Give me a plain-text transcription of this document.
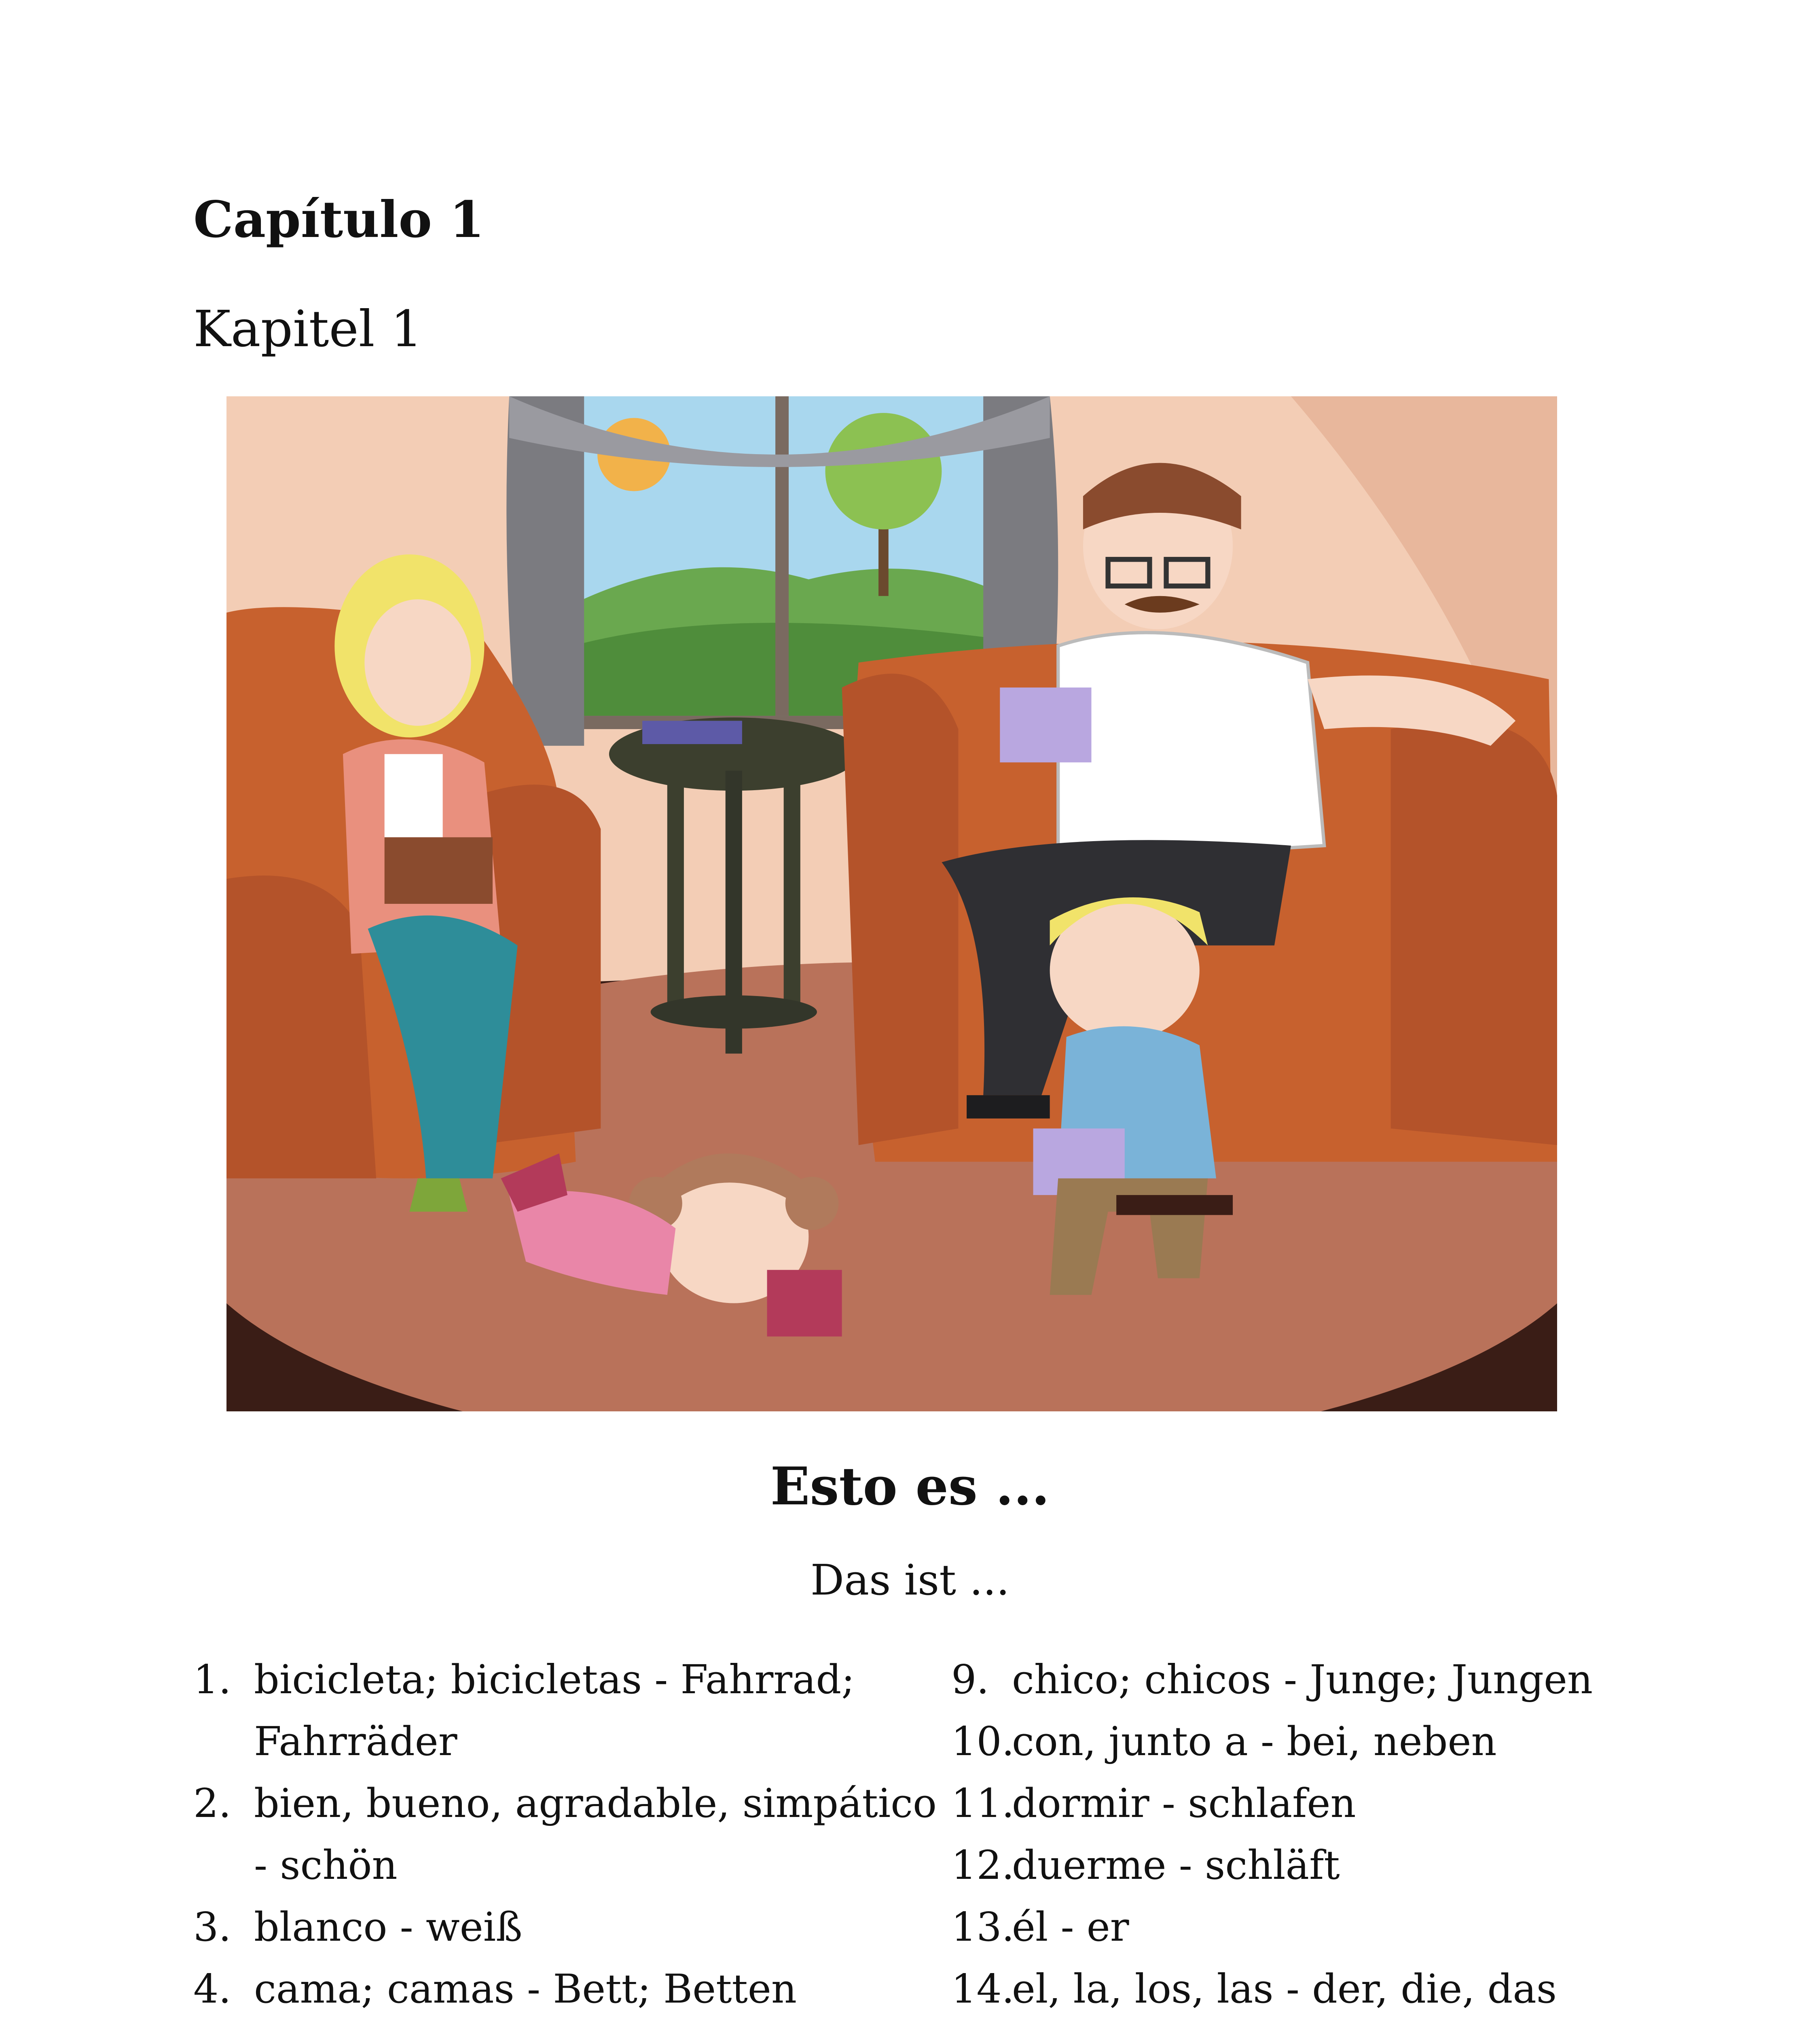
Capítulo 1
Kapitel 1
Esto es ...

Das ist ...

1. bicicleta; bicicletas - Fahrrad; Fahrräder
2. bien, bueno, agradable, simpático - schön
3. blanco - weiß
4. cama; camas - Bett; Betten
9. chico; chicos - Junge; Jungen
10.
con, junto a - bei, neben
11.
dormir - schlafen
12.
duerme - schläft
13.
él - er
14.
el, la, los, las - der, die, das
